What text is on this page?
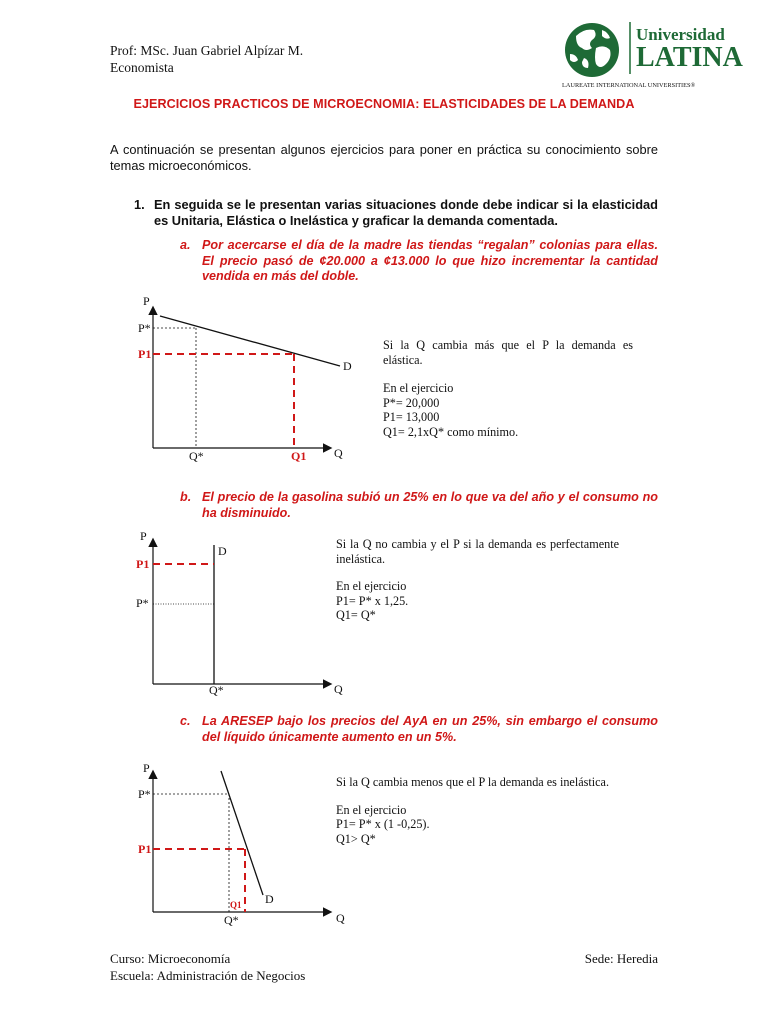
Prof: MSc. Juan Gabriel Alpízar M.
Economista
Universidad
LATINA
LAUREATE INTERNATIONAL UNIVERSITIES®
EJERCICIOS PRACTICOS DE MICROECNOMIA: ELASTICIDADES DE LA DEMANDA
A continuación se presentan algunos ejercicios para poner en práctica su conocimiento sobre temas microeconómicos.
1. En seguida se le presentan varias situaciones donde debe indicar si la elasticidad es Unitaria, Elástica o Inelástica y graficar la demanda comentada.
a. Por acercarse el día de la madre las tiendas “regalan” colonias para ellas. El precio pasó de ¢20.000 a ¢13.000 lo que hizo incrementar la cantidad vendida en más del doble.
P
P*
P1
D
Q*	Q1 Q

Si la Q cambia más que el P la demanda es elástica.

En el ejercicio

P*= 20,000

P1= 13,000

Q1= 2,1xQ* como mínimo.

b. El precio de la gasolina subió un 25% en lo que va del año y el consumo no ha disminuido.
P
D
P1
P*
Q*	Q

Si la Q no cambia y el P si la demanda es perfectamente inelástica.

En el ejercicio

P1= P* x 1,25.

Q1= Q*

c. La ARESEP bajo los precios del AyA en un 25%, sin embargo el consumo del líquido únicamente aumento en un 5%.
P
P*
P1
D
Q1
Q*	Q

Si la Q cambia menos que el P la demanda es inelástica.

En el ejercicio

P1= P* x (1 -0,25).

Q1> Q*

Curso: Microeconomía
Escuela: Administración de Negocios
Sede: Heredia
